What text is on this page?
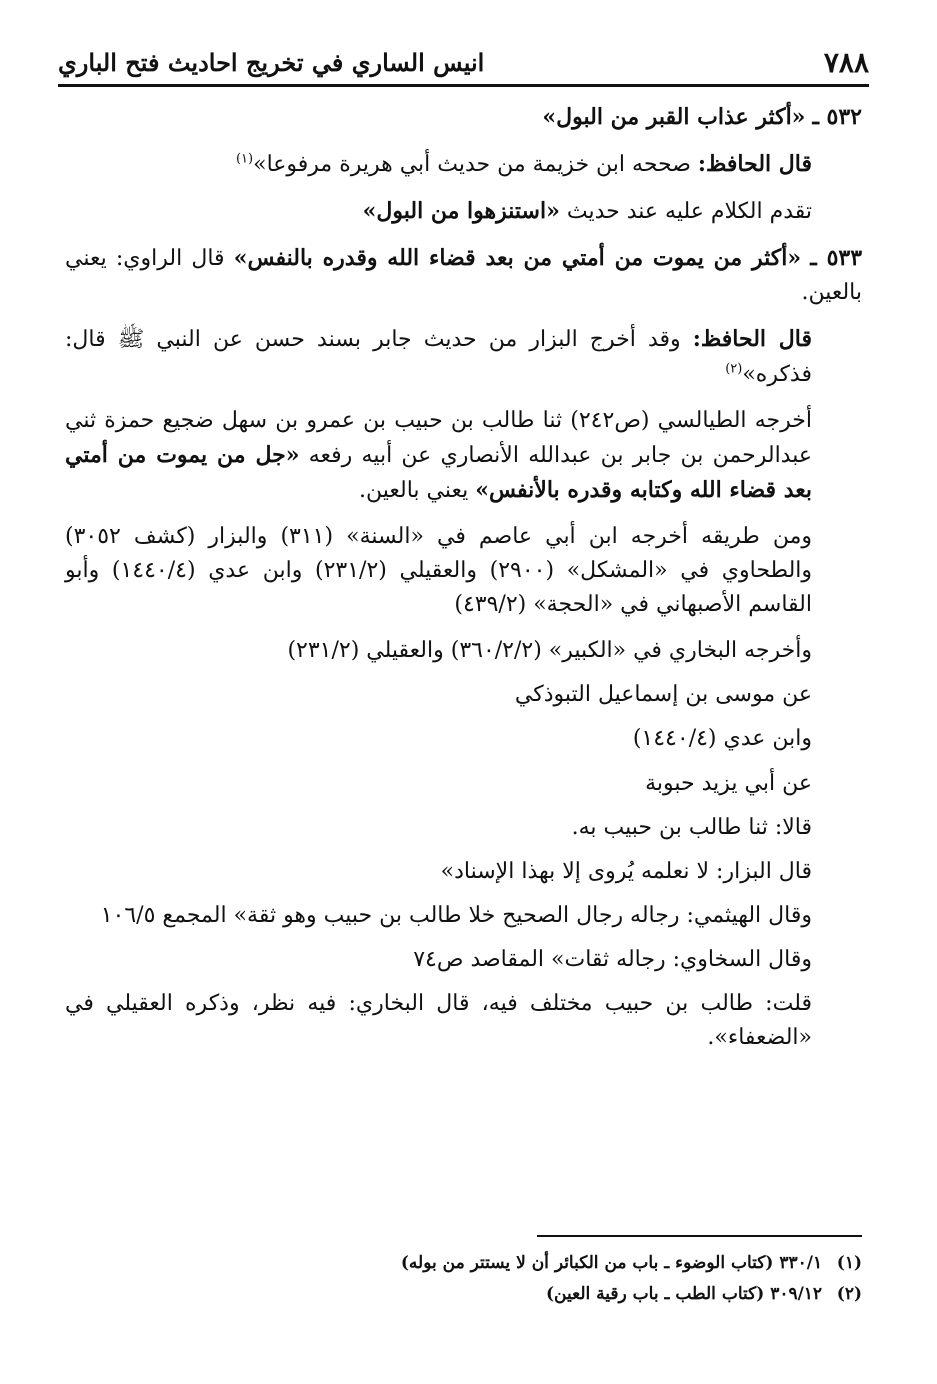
٧٨٨
انيس الساري في تخريج احاديث فتح الباري

٥٣٢ ـ «أكثر عذاب القبر من البول»

قال الحافظ: صححه ابن خزيمة من حديث أبي هريرة مرفوعا»$^{(١)}$

تقدم الكلام عليه عند حديث «استنزهوا من البول»

٥٣٣ ـ «أكثر من يموت من أمتي من بعد قضاء الله وقدره بالنفس» قال الراوي: يعني بالعين.

قال الحافظ: وقد أخرج البزار من حديث جابر بسند حسن عن النبي ﷺ قال: فذكره»$^{(٢)}$

أخرجه الطيالسي (ص٢٤٢) ثنا طالب بن حبيب بن عمرو بن سهل ضجيع حمزة ثني عبدالرحمن بن جابر بن عبدالله الأنصاري عن أبيه رفعه «جل من يموت من أمتي بعد قضاء الله وكتابه وقدره بالأنفس» يعني بالعين.

ومن طريقه أخرجه ابن أبي عاصم في «السنة» (٣١١) والبزار (كشف ٣٠٥٢) والطحاوي في «المشكل» (٢٩٠٠) والعقيلي (٢٣١/٢) وابن عدي (١٤٤٠/٤) وأبو القاسم الأصبهاني في «الحجة» (٤٣٩/٢)

وأخرجه البخاري في «الكبير» (٣٦٠/٢/٢) والعقيلي (٢٣١/٢)

عن موسى بن إسماعيل التبوذكي

وابن عدي (١٤٤٠/٤)

عن أبي يزيد حبوبة

قالا: ثنا طالب بن حبيب به.

قال البزار: لا نعلمه يُروى إلا بهذا الإسناد»

وقال الهيثمي: رجاله رجال الصحيح خلا طالب بن حبيب وهو ثقة» المجمع ١٠٦/٥

وقال السخاوي: رجاله ثقات» المقاصد ص٧٤

قلت: طالب بن حبيب مختلف فيه، قال البخاري: فيه نظر، وذكره العقيلي في «الضعفاء».

(١) ٣٣٠/١ (كتاب الوضوء ـ باب من الكبائر أن لا يستتر من بوله)
(٢) ٣٠٩/١٢ (كتاب الطب ـ باب رقية العين)
